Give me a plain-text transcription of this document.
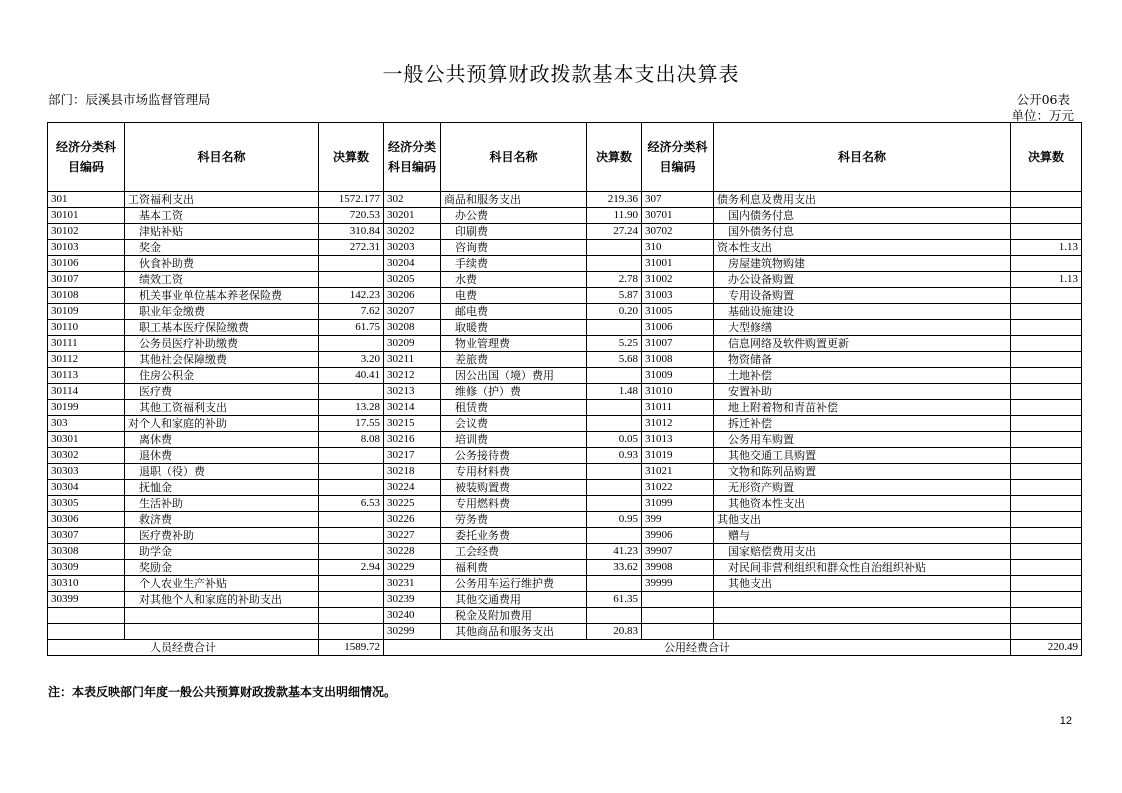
一般公共预算财政拨款基本支出决算表
部门：辰溪县市场监督管理局	公开06表
单位：万元
经济分类科目编码	科目名称	决算数	经济分类科目编码	科目名称	决算数	经济分类科目编码	科目名称	决算数
301	工资福利支出	1572.177	302	商品和服务支出	219.36	307	债务利息及费用支出	
30101	基本工资	720.53	30201	办公费	11.90	30701	国内债务付息	
30102	津贴补贴	310.84	30202	印刷费	27.24	30702	国外债务付息	
30103	奖金	272.31	30203	咨询费		310	资本性支出	1.13
30106	伙食补助费		30204	手续费		31001	房屋建筑物购建	
30107	绩效工资		30205	水费	2.78	31002	办公设备购置	1.13
30108	机关事业单位基本养老保险费	142.23	30206	电费	5.87	31003	专用设备购置	
30109	职业年金缴费	7.62	30207	邮电费	0.20	31005	基础设施建设	
30110	职工基本医疗保险缴费	61.75	30208	取暖费		31006	大型修缮	
30111	公务员医疗补助缴费		30209	物业管理费	5.25	31007	信息网络及软件购置更新	
30112	其他社会保障缴费	3.20	30211	差旅费	5.68	31008	物资储备	
30113	住房公积金	40.41	30212	因公出国（境）费用		31009	土地补偿	
30114	医疗费		30213	维修（护）费	1.48	31010	安置补助	
30199	其他工资福利支出	13.28	30214	租赁费		31011	地上附着物和青苗补偿	
303	对个人和家庭的补助	17.55	30215	会议费		31012	拆迁补偿	
30301	离休费	8.08	30216	培训费	0.05	31013	公务用车购置	
30302	退休费		30217	公务接待费	0.93	31019	其他交通工具购置	
30303	退职（役）费		30218	专用材料费		31021	文物和陈列品购置	
30304	抚恤金		30224	被装购置费		31022	无形资产购置	
30305	生活补助	6.53	30225	专用燃料费		31099	其他资本性支出	
30306	救济费		30226	劳务费	0.95	399	其他支出	
30307	医疗费补助		30227	委托业务费		39906	赠与	
30308	助学金		30228	工会经费	41.23	39907	国家赔偿费用支出	
30309	奖励金	2.94	30229	福利费	33.62	39908	对民间非营利组织和群众性自治组织补贴	
30310	个人农业生产补贴		30231	公务用车运行维护费		39999	其他支出	
30399	对其他个人和家庭的补助支出		30239	其他交通费用	61.35			
			30240	税金及附加费用				
			30299	其他商品和服务支出	20.83			
人员经费合计		1589.72	公用经费合计					220.49
注：本表反映部门年度一般公共预算财政拨款基本支出明细情况。
12
